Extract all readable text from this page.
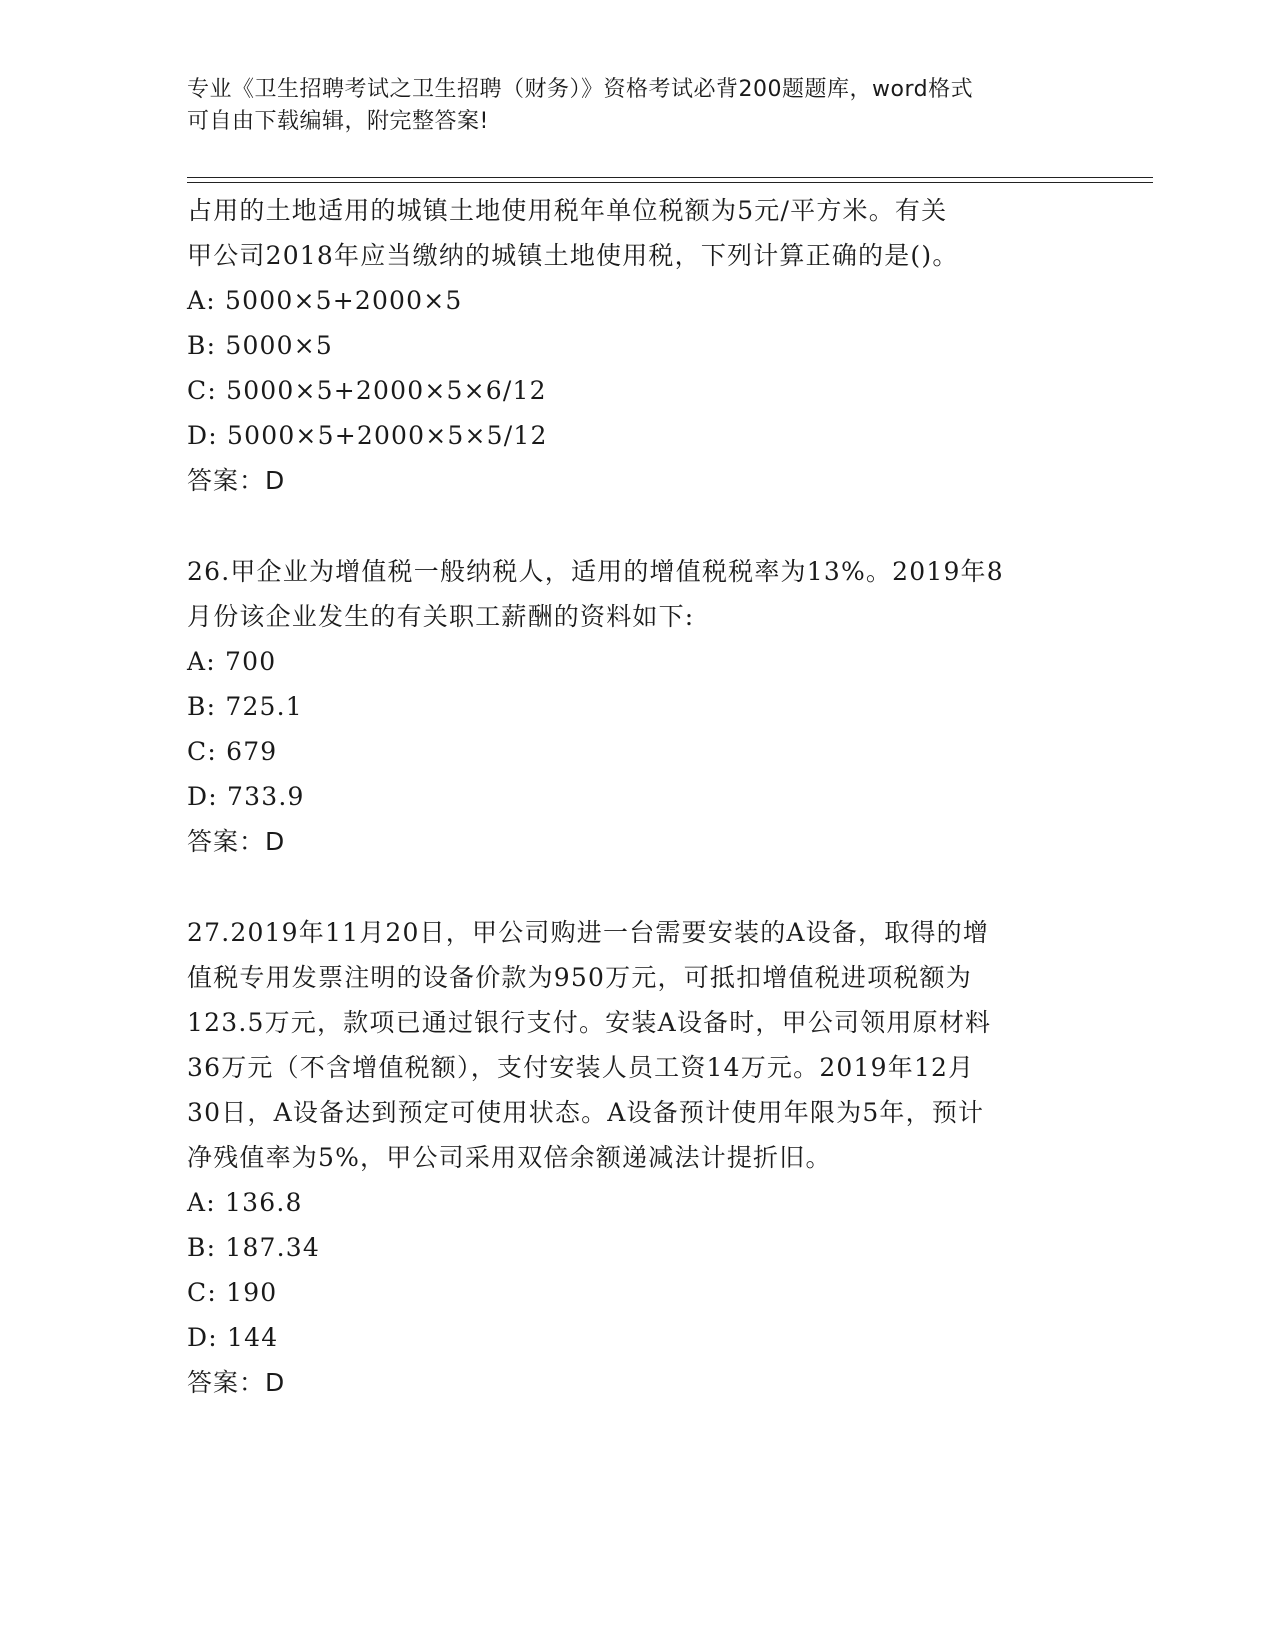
专业《卫生招聘考试之卫生招聘（财务）》资格考试必背200题题库，word格式
可自由下载编辑，附完整答案!
占用的土地适用的城镇土地使用税年单位税额为5元/平方米。有关
甲公司2018年应当缴纳的城镇土地使用税，下列计算正确的是()。
A: 5000×5+2000×5
B: 5000×5
C: 5000×5+2000×5×6/12
D: 5000×5+2000×5×5/12
答案：D
26.甲企业为增值税一般纳税人，适用的增值税税率为13%。2019年8
月份该企业发生的有关职工薪酬的资料如下:
A: 700
B: 725.1
C: 679
D: 733.9
答案：D
27.2019年11月20日，甲公司购进一台需要安装的A设备，取得的增
值税专用发票注明的设备价款为950万元，可抵扣增值税进项税额为
123.5万元，款项已通过银行支付。安装A设备时，甲公司领用原材料
36万元（不含增值税额），支付安装人员工资14万元。2019年12月
30日，A设备达到预定可使用状态。A设备预计使用年限为5年，预计
净残值率为5%，甲公司采用双倍余额递减法计提折旧。
A: 136.8
B: 187.34
C: 190
D: 144
答案：D
